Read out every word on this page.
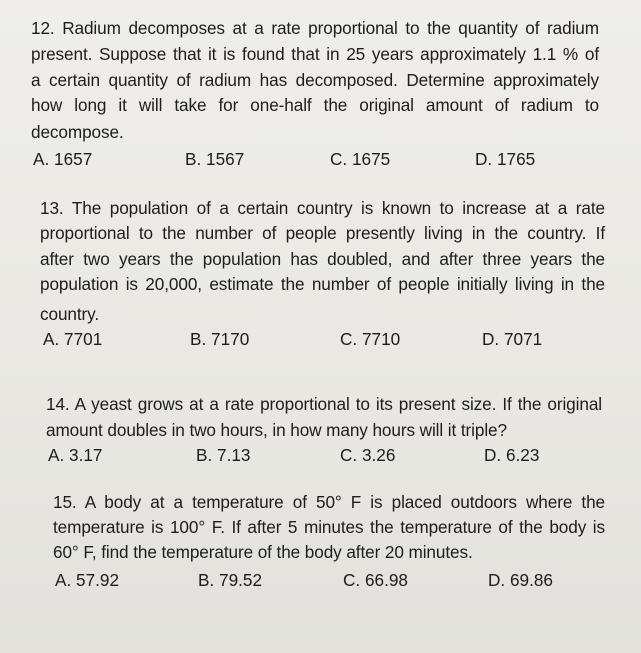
12. Radium decomposes at a rate proportional to the quantity of radium
present. Suppose that it is found that in 25 years approximately 1.1 % of
a certain quantity of radium has decomposed. Determine approximately
how long it will take for one-half the original amount of radium to
decompose.
A. 1657	B. 1567	C. 1675	D. 1765
13. The population of a certain country is known to increase at a rate
proportional to the number of people presently living in the country. If
after two years the population has doubled, and after three years the
population is 20,000, estimate the number of people initially living in the
country.
A. 7701	B. 7170	C. 7710	D. 7071
14. A yeast grows at a rate proportional to its present size. If the original
amount doubles in two hours, in how many hours will it triple?
A. 3.17	B. 7.13	C. 3.26	D. 6.23
15. A body at a temperature of 50° F is placed outdoors where the
temperature is 100° F. If after 5 minutes the temperature of the body is
60° F, find the temperature of the body after 20 minutes.
A. 57.92	B. 79.52	C. 66.98	D. 69.86
